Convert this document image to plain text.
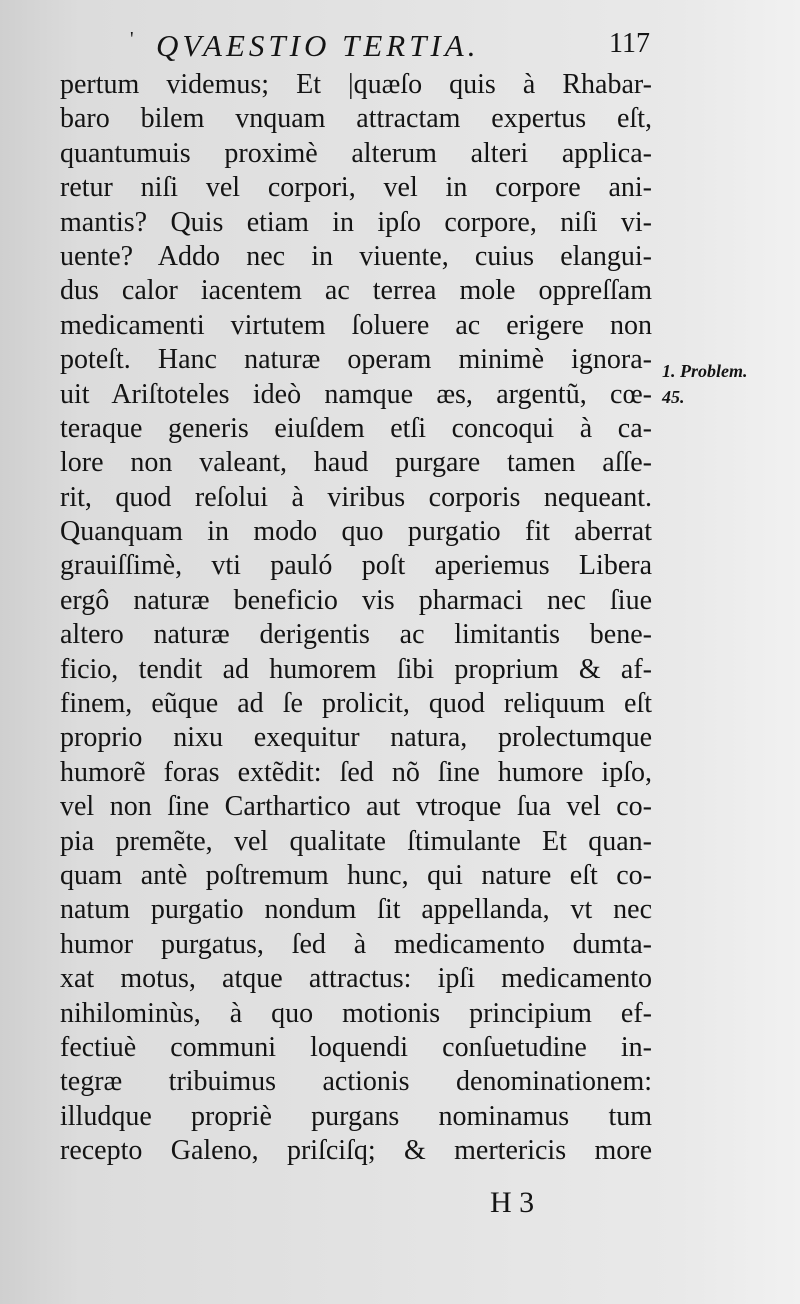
' QVAESTIO TERTIA.	117
pertum videmus; Et |quæſo quis à Rhabar-
baro bilem vnquam attractam expertus eſt,
quantumuis proximè alterum alteri applica-
retur niſi vel corpori, vel in corpore ani-
mantis? Quis etiam in ipſo corpore, niſi vi-
uente? Addo nec in viuente, cuius elangui-
dus calor iacentem ac terrea mole oppreſſam
medicamenti virtutem ſoluere ac erigere non
poteſt. Hanc naturæ operam minimè ignora-
uit Ariſtoteles ideò namque æs, argentũ, cœ-
teraque generis eiuſdem etſi concoqui à ca-
lore non valeant, haud purgare tamen aſſe-
rit, quod reſolui à viribus corporis nequeant.
Quanquam in modo quo purgatio fit aberrat
grauiſſimè, vti pauló poſt aperiemus Libera
ergô naturæ beneficio vis pharmaci nec ſiue
altero naturæ derigentis ac limitantis bene-
ficio, tendit ad humorem ſibi proprium & af-
finem, eũque ad ſe prolicit, quod reliquum eſt
proprio nixu exequitur natura, prolectumque
humorẽ foras extẽdit: ſed nõ ſine humore ipſo,
vel non ſine Carthartico aut vtroque ſua vel co-
pia premẽte, vel qualitate ſtimulante Et quan-
quam antè poſtremum hunc, qui nature eſt co-
natum purgatio nondum ſit appellanda, vt nec
humor purgatus, ſed à medicamento dumta-
xat motus, atque attractus: ipſi medicamento
nihilominùs, à quo motionis principium ef-
fectiuè communi loquendi conſuetudine in-
tegræ tribuimus actionis denominationem:
illudque propriè purgans nominamus tum
recepto Galeno, priſciſq; & mertericis more
1. Problem.
45.
H 3
